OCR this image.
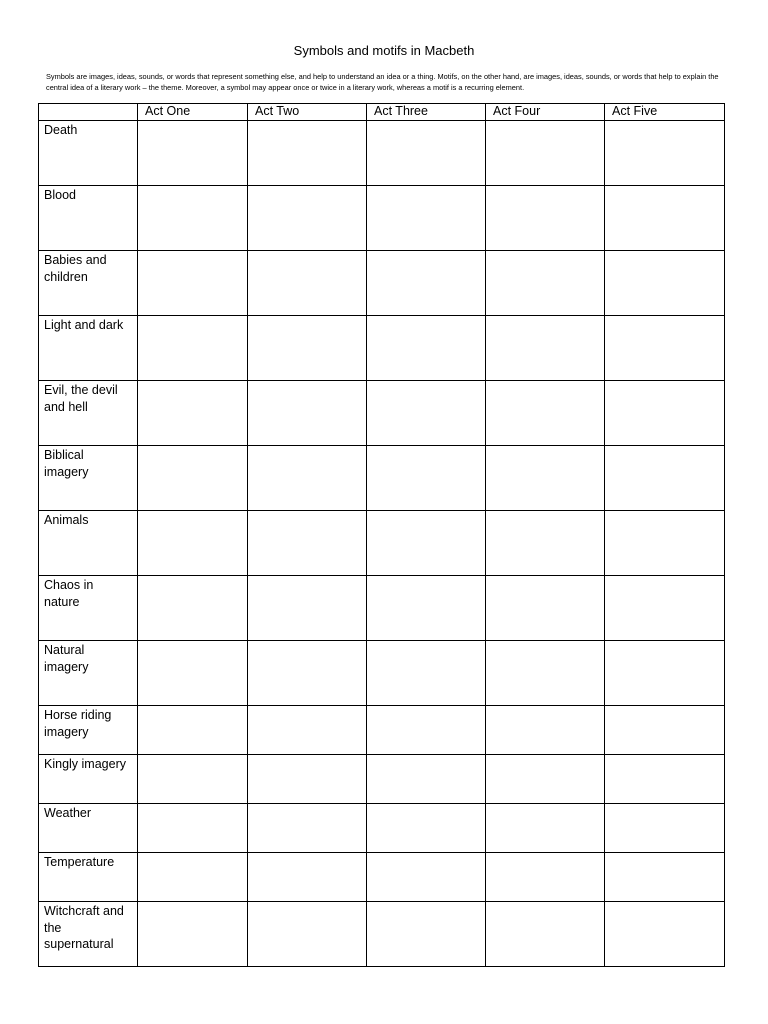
Symbols and motifs in Macbeth
Symbols are images, ideas, sounds, or words that represent something else, and help to understand an idea or a thing. Motifs, on the other hand, are images, ideas, sounds, or words that help to explain the central idea of a literary work – the theme. Moreover, a symbol may appear once or twice in a literary work, whereas a motif is a recurring element.
	Act One	Act Two	Act Three	Act Four	Act Five
Death					
Blood					
Babies and children					
Light and dark					
Evil, the devil and hell					
Biblical imagery					
Animals					
Chaos in nature					
Natural imagery					
Horse riding imagery					
Kingly imagery					
Weather					
Temperature					
Witchcraft and the supernatural					
